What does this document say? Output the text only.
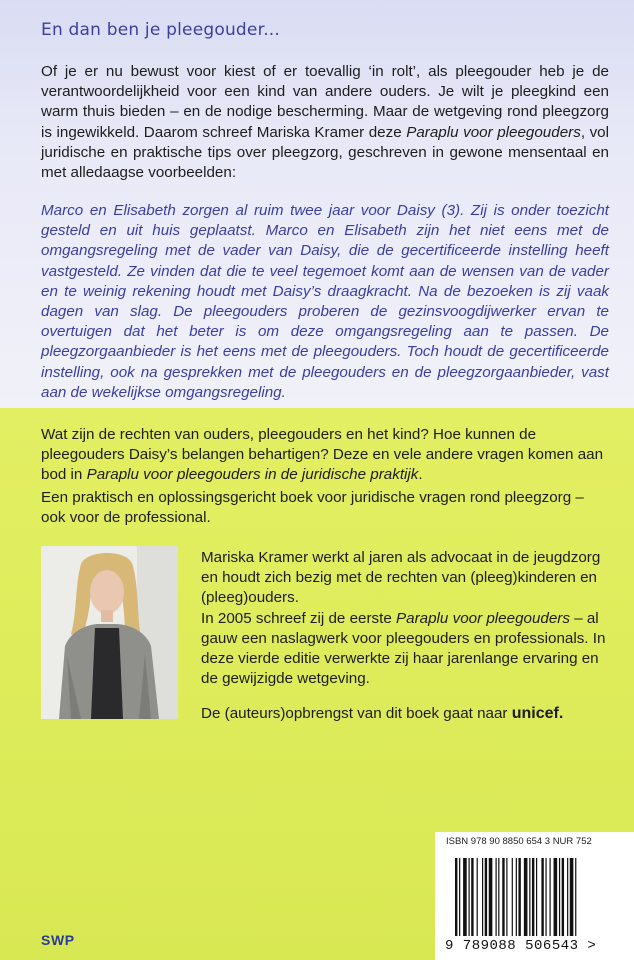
En dan ben je pleegouder...

Of je er nu bewust voor kiest of er toevallig ‘in rolt’, als pleegouder heb je de verantwoordelijkheid voor een kind van andere ouders. Je wilt je pleegkind een warm thuis bieden – en de nodige bescherming. Maar de wetgeving rond pleegzorg is ingewikkeld. Daarom schreef Mariska Kramer deze Paraplu voor pleegouders, vol juridische en praktische tips over pleegzorg, geschreven in gewone mensentaal en met alledaagse voorbeelden:

Marco en Elisabeth zorgen al ruim twee jaar voor Daisy (3). Zij is onder toezicht gesteld en uit huis geplaatst. Marco en Elisabeth zijn het niet eens met de omgangsregeling met de vader van Daisy, die de gecertificeerde instelling heeft vastgesteld. Ze vinden dat die te veel tegemoet komt aan de wensen van de vader en te weinig rekening houdt met Daisy’s draagkracht. Na de bezoeken is zij vaak dagen van slag. De pleegouders proberen de gezinsvoogdijwerker ervan te overtuigen dat het beter is om deze omgangsregeling aan te passen. De pleegzorgaanbieder is het eens met de pleegouders. Toch houdt de gecertificeerde instelling, ook na gesprekken met de pleegouders en de pleegzorgaanbieder, vast aan de wekelijkse omgangsregeling.

Wat zijn de rechten van ouders, pleegouders en het kind? Hoe kunnen de pleegouders Daisy’s belangen behartigen? Deze en vele andere vragen komen aan bod in Paraplu voor pleegouders in de juridische praktijk.

Een praktisch en oplossingsgericht boek voor juridische vragen rond pleegzorg – ook voor de professional.

Mariska Kramer werkt al jaren als advocaat in de jeugdzorg en houdt zich bezig met de rechten van (pleeg)kinderen en (pleeg)ouders.
In 2005 schreef zij de eerste Paraplu voor pleegouders – al gauw een naslagwerk voor pleegouders en professionals. In deze vierde editie verwerkte zij haar jarenlange ervaring en de gewijzigde wetgeving.

De (auteurs)opbrengst van dit boek gaat naar unicef.

ISBN 978 90 8850 654 3 NUR 752
9 789088 506543 >
SWP
